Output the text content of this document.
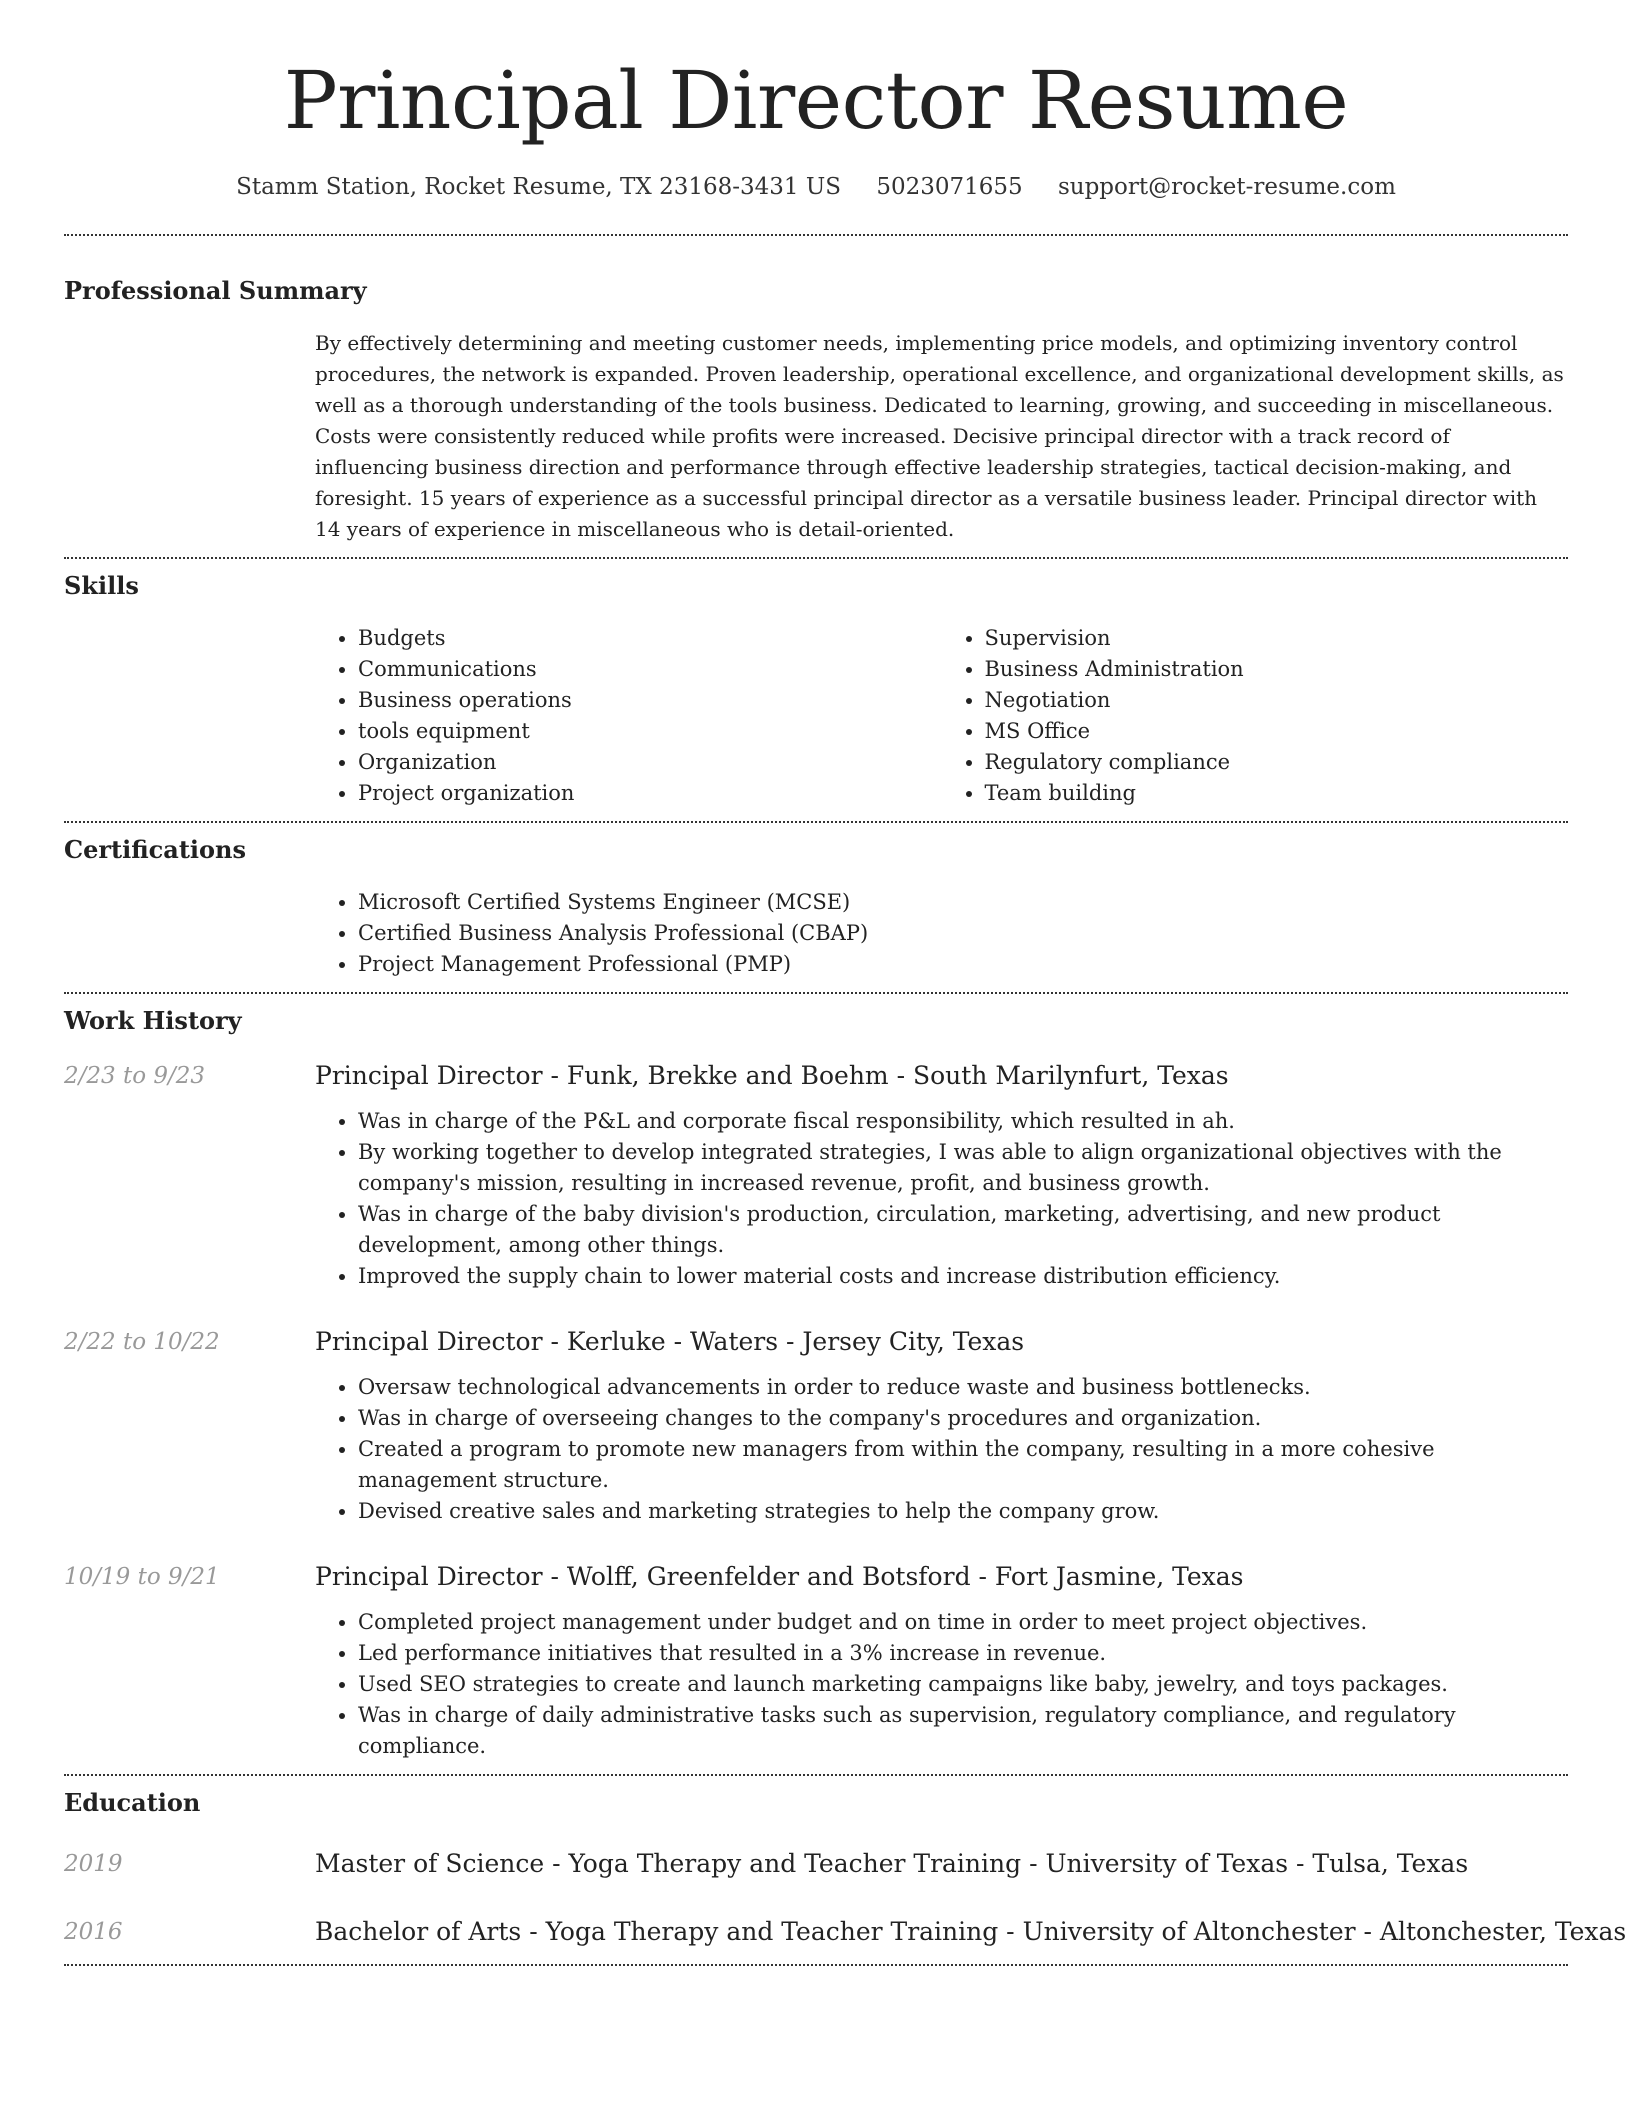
Principal Director Resume
Stamm Station, Rocket Resume, TX 23168-3431 US 5023071655 support@rocket-resume.com
Professional Summary
By effectively determining and meeting customer needs, implementing price models, and optimizing inventory control procedures, the network is expanded. Proven leadership, operational excellence, and organizational development skills, as well as a thorough understanding of the tools business. Dedicated to learning, growing, and succeeding in miscellaneous. Costs were consistently reduced while profits were increased. Decisive principal director with a track record of influencing business direction and performance through effective leadership strategies, tactical decision-making, and foresight. 15 years of experience as a successful principal director as a versatile business leader. Principal director with 14 years of experience in miscellaneous who is detail-oriented.
Skills
• Budgets
• Communications
• Business operations
• tools equipment
• Organization
• Project organization
• Supervision
• Business Administration
• Negotiation
• MS Office
• Regulatory compliance
• Team building
Certifications
• Microsoft Certified Systems Engineer (MCSE)
• Certified Business Analysis Professional (CBAP)
• Project Management Professional (PMP)
Work History
2/23 to 9/23	Principal Director - Funk, Brekke and Boehm - South Marilynfurt, Texas
• Was in charge of the P&L and corporate fiscal responsibility, which resulted in ah.
• By working together to develop integrated strategies, I was able to align organizational objectives with the company's mission, resulting in increased revenue, profit, and business growth.
• Was in charge of the baby division's production, circulation, marketing, advertising, and new product development, among other things.
• Improved the supply chain to lower material costs and increase distribution efficiency.
2/22 to 10/22	Principal Director - Kerluke - Waters - Jersey City, Texas
• Oversaw technological advancements in order to reduce waste and business bottlenecks.
• Was in charge of overseeing changes to the company's procedures and organization.
• Created a program to promote new managers from within the company, resulting in a more cohesive management structure.
• Devised creative sales and marketing strategies to help the company grow.
10/19 to 9/21	Principal Director - Wolff, Greenfelder and Botsford - Fort Jasmine, Texas
• Completed project management under budget and on time in order to meet project objectives.
• Led performance initiatives that resulted in a 3% increase in revenue.
• Used SEO strategies to create and launch marketing campaigns like baby, jewelry, and toys packages.
• Was in charge of daily administrative tasks such as supervision, regulatory compliance, and regulatory compliance.
Education
2019	Master of Science - Yoga Therapy and Teacher Training - University of Texas - Tulsa, Texas
2016	Bachelor of Arts - Yoga Therapy and Teacher Training - University of Altonchester - Altonchester, Texas
